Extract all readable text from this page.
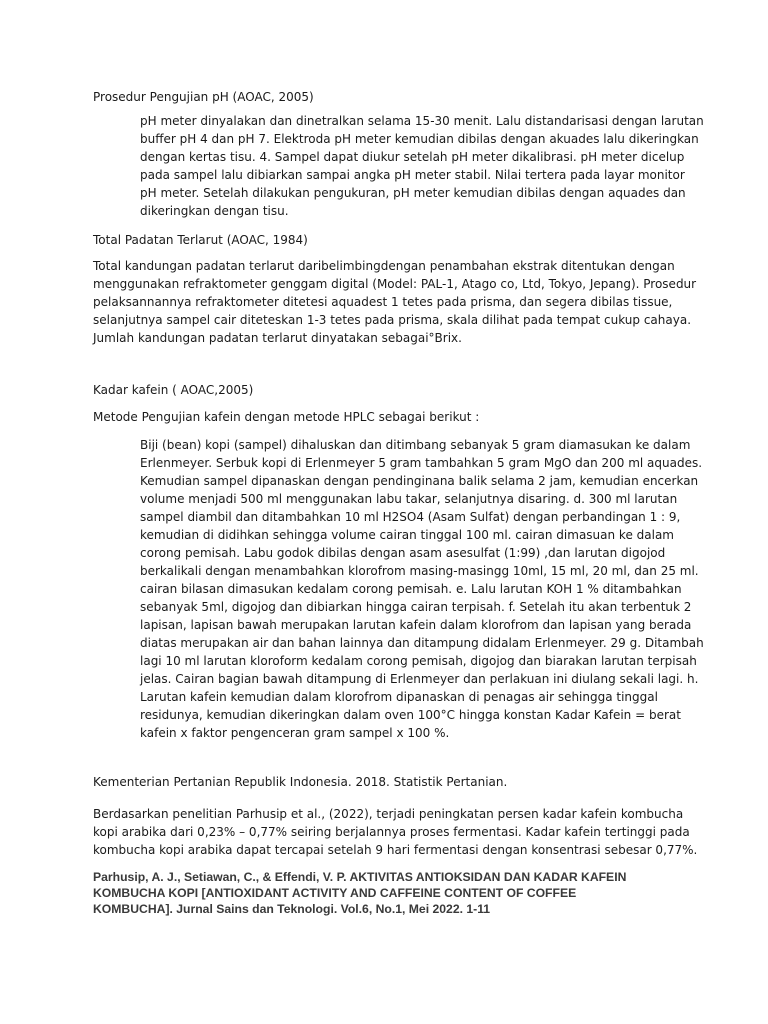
Prosedur Pengujian pH (AOAC, 2005)

pH meter dinyalakan dan dinetralkan selama 15-30 menit. Lalu distandarisasi dengan larutan
buffer pH 4 dan pH 7. Elektroda pH meter kemudian dibilas dengan akuades lalu dikeringkan
dengan kertas tisu. 4. Sampel dapat diukur setelah pH meter dikalibrasi. pH meter dicelup
pada sampel lalu dibiarkan sampai angka pH meter stabil. Nilai tertera pada layar monitor
pH meter. Setelah dilakukan pengukuran, pH meter kemudian dibilas dengan aquades dan
dikeringkan dengan tisu.

Total Padatan Terlarut (AOAC, 1984)

Total kandungan padatan terlarut daribelimbingdengan penambahan ekstrak ditentukan dengan
menggunakan refraktometer genggam digital (Model: PAL-1, Atago co, Ltd, Tokyo, Jepang). Prosedur
pelaksannannya refraktometer ditetesi aquadest 1 tetes pada prisma, dan segera dibilas tissue,
selanjutnya sampel cair diteteskan 1-3 tetes pada prisma, skala dilihat pada tempat cukup cahaya.
Jumlah kandungan padatan terlarut dinyatakan sebagai°Brix.

Kadar kafein ( AOAC,2005)

Metode Pengujian kafein dengan metode HPLC sebagai berikut :

Biji (bean) kopi (sampel) dihaluskan dan ditimbang sebanyak 5 gram diamasukan ke dalam
Erlenmeyer. Serbuk kopi di Erlenmeyer 5 gram tambahkan 5 gram MgO dan 200 ml aquades.
Kemudian sampel dipanaskan dengan pendinginana balik selama 2 jam, kemudian encerkan
volume menjadi 500 ml menggunakan labu takar, selanjutnya disaring. d. 300 ml larutan
sampel diambil dan ditambahkan 10 ml H2SO4 (Asam Sulfat) dengan perbandingan 1 : 9,
kemudian di didihkan sehingga volume cairan tinggal 100 ml. cairan dimasuan ke dalam
corong pemisah. Labu godok dibilas dengan asam asesulfat (1:99) ,dan larutan digojod
berkalikali dengan menambahkan klorofrom masing-masingg 10ml, 15 ml, 20 ml, dan 25 ml.
cairan bilasan dimasukan kedalam corong pemisah. e. Lalu larutan KOH 1 % ditambahkan
sebanyak 5ml, digojog dan dibiarkan hingga cairan terpisah. f. Setelah itu akan terbentuk 2
lapisan, lapisan bawah merupakan larutan kafein dalam klorofrom dan lapisan yang berada
diatas merupakan air dan bahan lainnya dan ditampung didalam Erlenmeyer. 29 g. Ditambah
lagi 10 ml larutan kloroform kedalam corong pemisah, digojog dan biarakan larutan terpisah
jelas. Cairan bagian bawah ditampung di Erlenmeyer dan perlakuan ini diulang sekali lagi. h.
Larutan kafein kemudian dalam klorofrom dipanaskan di penagas air sehingga tinggal
residunya, kemudian dikeringkan dalam oven 100°C hingga konstan Kadar Kafein = berat
kafein x faktor pengenceran gram sampel x 100 %.

Kementerian Pertanian Republik Indonesia. 2018. Statistik Pertanian.

Berdasarkan penelitian Parhusip et al., (2022), terjadi peningkatan persen kadar kafein kombucha
kopi arabika dari 0,23% – 0,77% seiring berjalannya proses fermentasi. Kadar kafein tertinggi pada
kombucha kopi arabika dapat tercapai setelah 9 hari fermentasi dengan konsentrasi sebesar 0,77%.
Parhusip, A. J., Setiawan, C., & Effendi, V. P. AKTIVITAS ANTIOKSIDAN DAN KADAR KAFEIN
KOMBUCHA KOPI [ANTIOXIDANT ACTIVITY AND CAFFEINE CONTENT OF COFFEE
KOMBUCHA]. Jurnal Sains dan Teknologi. Vol.6, No.1, Mei 2022. 1-11
